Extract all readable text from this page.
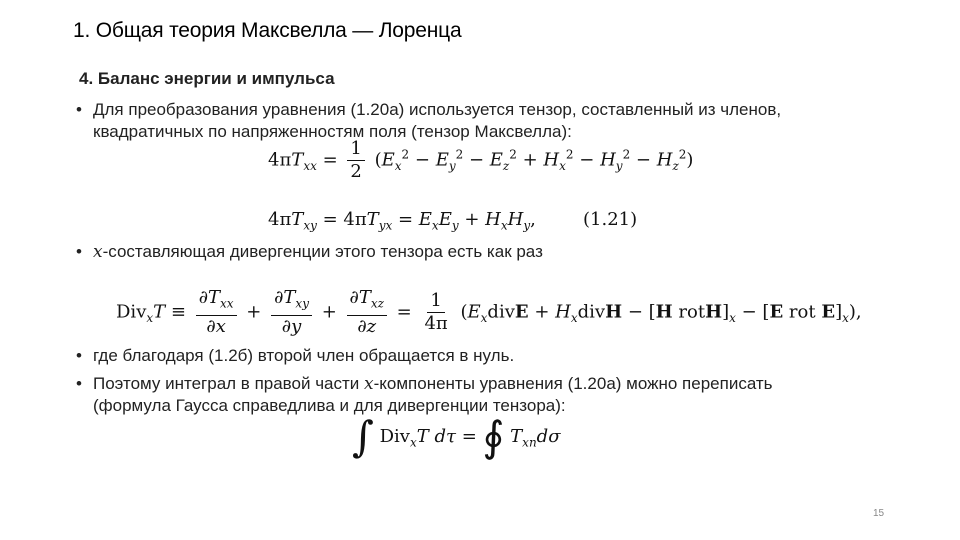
1. Общая теория Максвелла — Лоренца
4. Баланс энергии и импульса
• Для преобразования уравнения (1.20а) используется тензор, составленный из членов,
квадратичных по напряженностям поля (тензор Максвелла):
$4\pi T_{xx} = \frac{1}{2} (E_x^2 - E_y^2 - E_z^2 + H_x^2 - H_y^2 - H_z^2)$
$4\pi T_{xy} = 4\pi T_{yx} = E_xE_y + H_xH_y$,	(1.21)
• x-составляющая дивергенции этого тензора есть как раз
$Div_xT \equiv \frac{\partial T_{xx}}{\partial x} + \frac{\partial T_{xy}}{\partial y} + \frac{\partial T_{xz}}{\partial z} = \frac{1}{4\pi}$ ($E_xdivE$ + $H_xdivH - [H$ $rotH]_x - [E$ rot $E]_x$),
• где благодаря (1.2б) второй член обращается в нуль.
• Поэтому интеграл в правой части x-компоненты уравнения (1.20а) можно переписать
(формула Гаусса справедлива и для дивергенции тензора):
∫ Div$_x$T dτ = ∮ $T_{xn}d\sigma$
15
